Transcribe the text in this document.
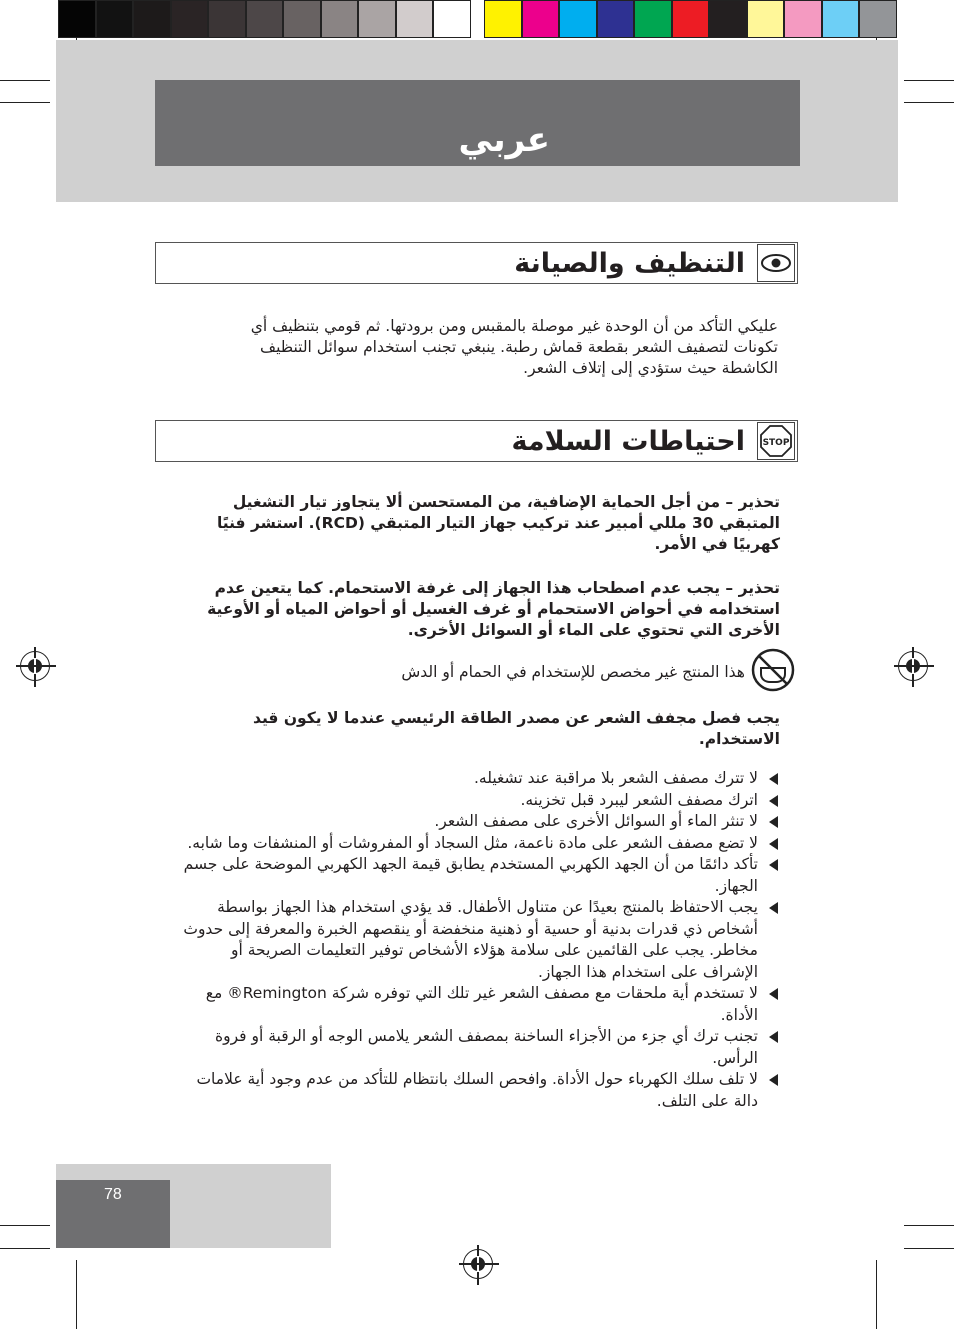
عربي
التنظيف والصيانة
عليكي التأكد من أن الوحدة غير موصلة بالمقبس ومن برودتها. ثم قومي بتنظيف أي تكونات لتصفيف الشعر بقطعة قماش رطبة. ينبغي تجنب استخدام سوائل التنظيف الكاشطة حيث ستؤدي إلى إتلاف الشعر.
احتياطات السلامة STOP
تحذير – من أجل الحماية الإضافية، من المستحسن ألا يتجاوز تيار التشغيل المتبقي 30 مللي أمبير عند تركيب جهاز التيار المتبقي (RCD). استشر فنيًا كهربيًا في الأمر.
تحذير – يجب عدم اصطحاب هذا الجهاز إلى غرفة الاستحمام. كما يتعين عدم استخدامه في أحواض الاستحمام أو غرف الغسيل أو أحواض المياه أو الأوعية الأخرى التي تحتوي على الماء أو السوائل الأخرى.
هذا المنتج غير مخصص للإستخدام في الحمام أو الدش
يجب فصل مجفف الشعر عن مصدر الطاقة الرئيسي عندما لا يكون قيد الاستخدام.
لا تترك مصفف الشعر بلا مراقبة عند تشغيله.
اترك مصفف الشعر ليبرد قبل تخزينه.
لا تنثر الماء أو السوائل الأخرى على مصفف الشعر.
لا تضع مصفف الشعر على مادة ناعمة، مثل السجاد أو المفروشات أو المنشفات وما شابه.
تأكد دائمًا من أن الجهد الكهربي المستخدم يطابق قيمة الجهد الكهربي الموضحة على جسم الجهاز.
يجب الاحتفاظ بالمنتج بعيدًا عن متناول الأطفال. قد يؤدي استخدام هذا الجهاز بواسطة أشخاص ذي قدرات بدنية أو حسية أو ذهنية منخفضة أو ينقصهم الخبرة والمعرفة إلى حدوث مخاطر. يجب على القائمين على سلامة هؤلاء الأشخاص توفير التعليمات الصريحة أو الإشراف على استخدام هذا الجهاز.
لا تستخدم أية ملحقات مع مصفف الشعر غير تلك التي توفره شركة Remington® مع الأداة.
تجنب ترك أي جزء من الأجزاء الساخنة بمصفف الشعر يلامس الوجه أو الرقبة أو فروة الرأس.
لا تلف سلك الكهرباء حول الأداة. وافحص السلك بانتظام للتأكد من عدم وجود أية علامات دالة على التلف.
78
